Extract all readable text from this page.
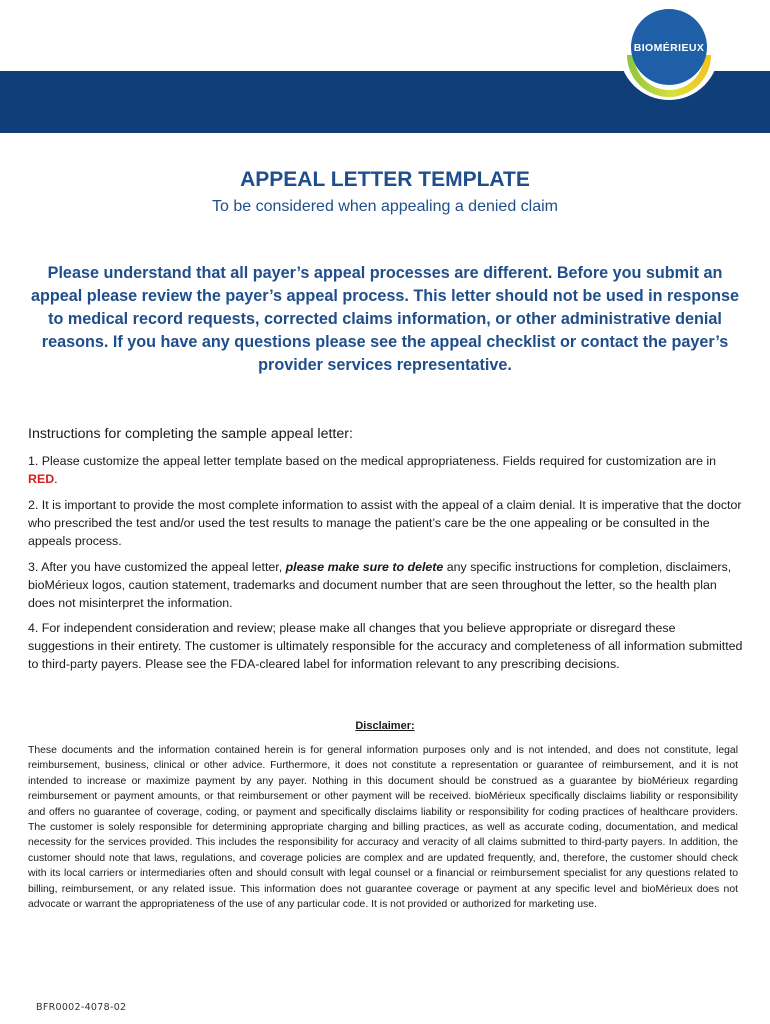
BIOMÉRIEUX
APPEAL LETTER TEMPLATE
To be considered when appealing a denied claim
Please understand that all payer’s appeal processes are different. Before you submit an appeal please review the payer’s appeal process. This letter should not be used in response to medical record requests, corrected claims information, or other administrative denial reasons. If you have any questions please see the appeal checklist or contact the payer’s provider services representative.
Instructions for completing the sample appeal letter:
1. Please customize the appeal letter template based on the medical appropriateness. Fields required for customization are in RED.
2. It is important to provide the most complete information to assist with the appeal of a claim denial. It is imperative that the doctor who prescribed the test and/or used the test results to manage the patient’s care be the one appealing or be consulted in the appeals process.
3. After you have customized the appeal letter, please make sure to delete any specific instructions for completion, disclaimers, bioMérieux logos, caution statement, trademarks and document number that are seen throughout the letter, so the health plan does not misinterpret the information.
4. For independent consideration and review; please make all changes that you believe appropriate or disregard these suggestions in their entirety. The customer is ultimately responsible for the accuracy and completeness of all information submitted to third-party payers. Please see the FDA-cleared label for information relevant to any prescribing decisions.
Disclaimer:
These documents and the information contained herein is for general information purposes only and is not intended, and does not constitute, legal reimbursement, business, clinical or other advice. Furthermore, it does not constitute a representation or guarantee of reimbursement, and it is not intended to increase or maximize payment by any payer. Nothing in this document should be construed as a guarantee by bioMérieux regarding reimbursement or payment amounts, or that reimbursement or other payment will be received. bioMérieux specifically disclaims liability or responsibility and offers no guarantee of coverage, coding, or payment and specifically disclaims liability or responsibility for coding practices of healthcare providers. The customer is solely responsible for determining appropriate charging and billing practices, as well as accurate coding, documentation, and medical necessity for the services provided. This includes the responsibility for accuracy and veracity of all claims submitted to third-party payers. In addition, the customer should note that laws, regulations, and coverage policies are complex and are updated frequently, and, therefore, the customer should check with its local carriers or intermediaries often and should consult with legal counsel or a financial or reimbursement specialist for any questions related to billing, reimbursement, or any related issue. This information does not guarantee coverage or payment at any specific level and bioMérieux does not advocate or warrant the appropriateness of the use of any particular code. It is not provided or authorized for marketing use.
BFR0002-4078-02
